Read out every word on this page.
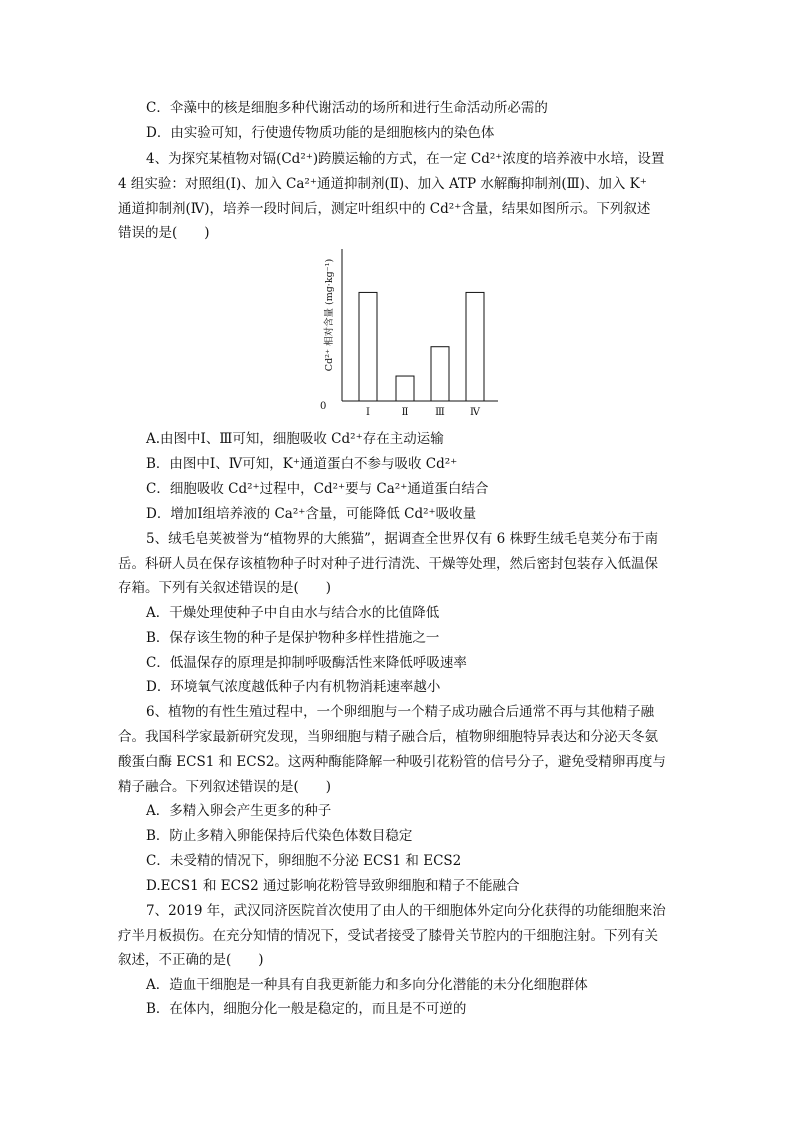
C．伞藻中的核是细胞多种代谢活动的场所和进行生命活动所必需的
D．由实验可知，行使遗传物质功能的是细胞核内的染色体
4、为探究某植物对镉(Cd²⁺)跨膜运输的方式，在一定 Cd²⁺浓度的培养液中水培，设置
4 组实验：对照组(Ⅰ)、加入 Ca²⁺通道抑制剂(Ⅱ)、加入 ATP 水解酶抑制剂(Ⅲ)、加入 K⁺
通道抑制剂(Ⅳ)，培养一段时间后，测定叶组织中的 Cd²⁺含量，结果如图所示。下列叙述
错误的是(　　)
Cd²⁺ 相对含量 (mg·kg⁻¹)
0
Ⅰ	Ⅱ	Ⅲ	Ⅳ
A.由图中Ⅰ、Ⅲ可知，细胞吸收 Cd²⁺存在主动运输
B．由图中Ⅰ、Ⅳ可知，K⁺通道蛋白不参与吸收 Cd²⁺
C．细胞吸收 Cd²⁺过程中，Cd²⁺要与 Ca²⁺通道蛋白结合
D．增加Ⅰ组培养液的 Ca²⁺含量，可能降低 Cd²⁺吸收量
5、绒毛皂荚被誉为“植物界的大熊猫”，据调查全世界仅有 6 株野生绒毛皂荚分布于南
岳。科研人员在保存该植物种子时对种子进行清洗、干燥等处理，然后密封包装存入低温保
存箱。下列有关叙述错误的是(　　)
A．干燥处理使种子中自由水与结合水的比值降低
B．保存该生物的种子是保护物种多样性措施之一
C．低温保存的原理是抑制呼吸酶活性来降低呼吸速率
D．环境氧气浓度越低种子内有机物消耗速率越小
6、植物的有性生殖过程中，一个卵细胞与一个精子成功融合后通常不再与其他精子融
合。我国科学家最新研究发现，当卵细胞与精子融合后，植物卵细胞特异表达和分泌天冬氨
酸蛋白酶 ECS1 和 ECS2。这两种酶能降解一种吸引花粉管的信号分子，避免受精卵再度与
精子融合。下列叙述错误的是(　　)
A．多精入卵会产生更多的种子
B．防止多精入卵能保持后代染色体数目稳定
C．未受精的情况下，卵细胞不分泌 ECS1 和 ECS2
D.ECS1 和 ECS2 通过影响花粉管导致卵细胞和精子不能融合
7、2019 年，武汉同济医院首次使用了由人的干细胞体外定向分化获得的功能细胞来治
疗半月板损伤。在充分知情的情况下，受试者接受了膝骨关节腔内的干细胞注射。下列有关
叙述，不正确的是(　　)
A．造血干细胞是一种具有自我更新能力和多向分化潜能的未分化细胞群体
B．在体内，细胞分化一般是稳定的，而且是不可逆的
